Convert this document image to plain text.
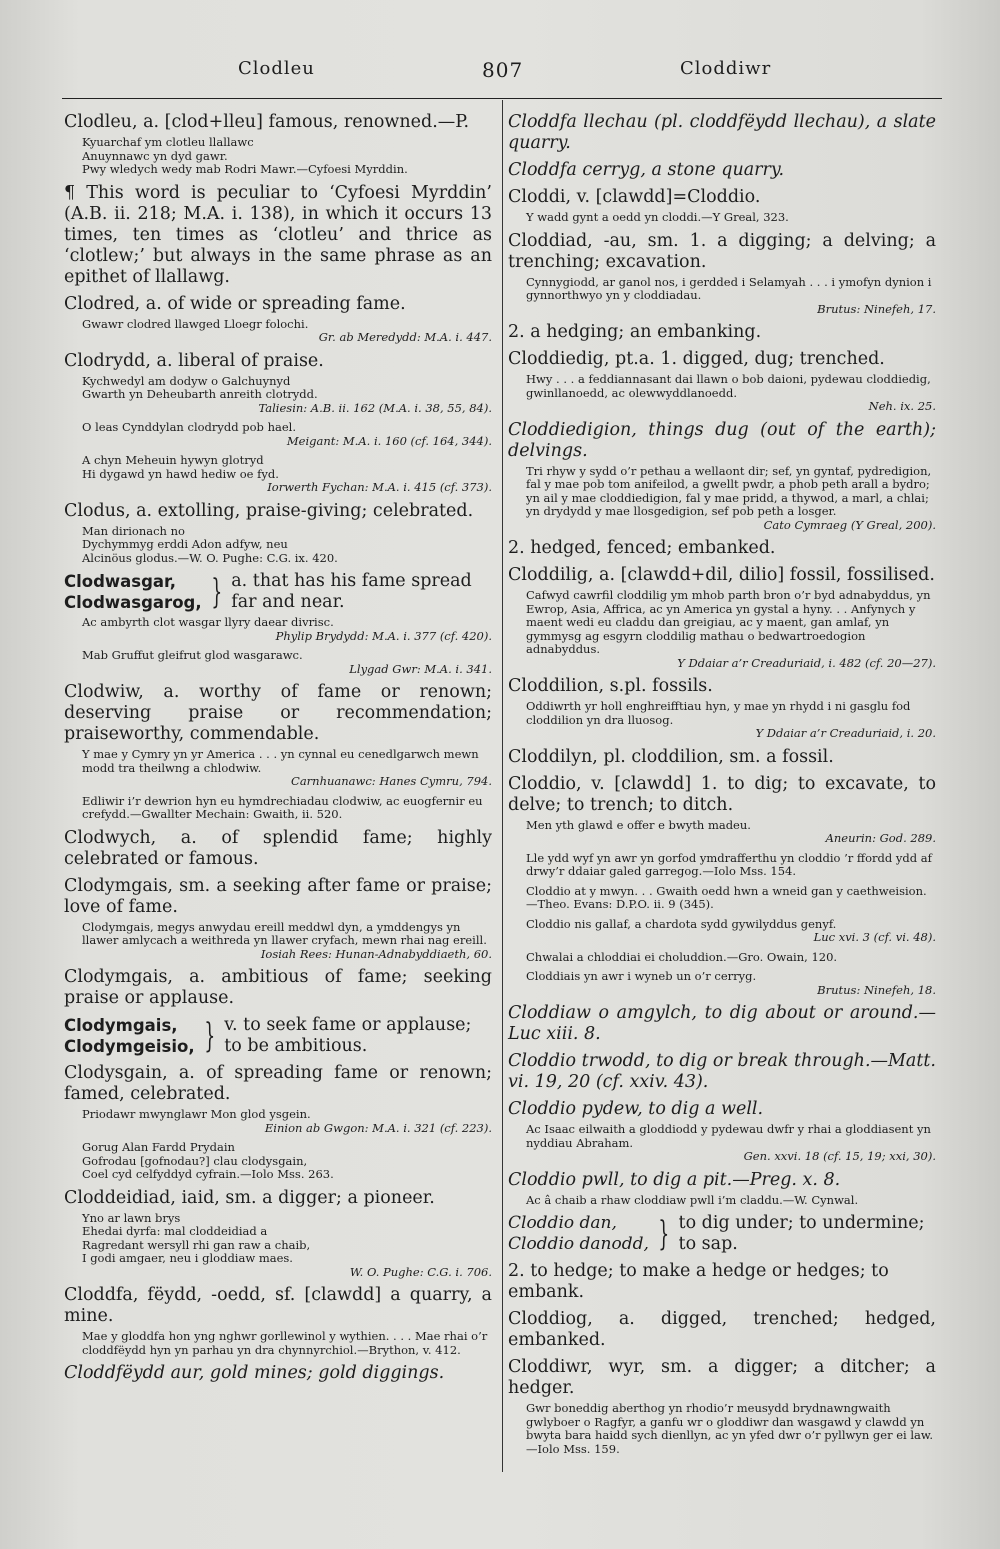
Clodleu	807	Cloddiwr
Clodleu, a. [clod+lleu] famous, renowned.—P.
Kyuarchaf ym clotleu llallawc
Anuynnawc yn dyd gawr.
Pwy wledych wedy mab Rodri Mawr.—Cyfoesi Myrddin.
¶ This word is peculiar to ‘Cyfoesi Myrddin’ (A.B. ii. 218; M.A. i. 138), in which it occurs 13 times, ten times as ‘clotleu’ and thrice as ‘clotlew;’ but always in the same phrase as an epithet of llallawg.
Clodred, a. of wide or spreading fame.
Gwawr clodred llawged Lloegr folochi.
Gr. ab Meredydd: M.A. i. 447.
Clodrydd, a. liberal of praise.
Kychwedyl am dodyw o Galchuynyd
Gwarth yn Deheubarth anreith clotrydd.
Taliesin: A.B. ii. 162 (M.A. i. 38, 55, 84).
O leas Cynddylan clodrydd pob hael.
Meigant: M.A. i. 160 (cf. 164, 344).
A chyn Meheuin hywyn glotryd
Hi dygawd yn hawd hediw oe fyd.
Iorwerth Fychan: M.A. i. 415 (cf. 373).
Clodus, a. extolling, praise-giving; celebrated.
Man dirionach no
Dychymmyg erddi Adon adfyw, neu
Alcinöus glodus.—W. O. Pughe: C.G. ix. 420.
Clodwasgar,
Clodwasgarog, } a. that has his fame spread far and near.
Ac ambyrth clot wasgar llyry daear divrisc.
Phylip Brydydd: M.A. i. 377 (cf. 420).
Mab Gruffut gleifrut glod wasgarawc.
Llygad Gwr: M.A. i. 341.
Clodwiw, a. worthy of fame or renown; deserving praise or recommendation; praiseworthy, commendable.
Y mae y Cymry yn yr America . . . yn cynnal eu cenedlgarwch mewn modd tra theilwng a chlodwiw.
Carnhuanawc: Hanes Cymru, 794.
Edliwir i’r dewrion hyn eu hymdrechiadau clodwiw, ac euogfernir eu crefydd.—Gwallter Mechain: Gwaith, ii. 520.
Clodwych, a. of splendid fame; highly celebrated or famous.
Clodymgais, sm. a seeking after fame or praise; love of fame.
Clodymgais, megys anwydau ereill meddwl dyn, a ymddengys yn llawer amlycach a weithreda yn llawer cryfach, mewn rhai nag ereill.
Iosiah Rees: Hunan-Adnabyddiaeth, 60.
Clodymgais, a. ambitious of fame; seeking praise or applause.
Clodymgais,
Clodymgeisio, } v. to seek fame or applause; to be ambitious.
Clodysgain, a. of spreading fame or renown; famed, celebrated.
Priodawr mwynglawr Mon glod ysgein.
Einion ab Gwgon: M.A. i. 321 (cf. 223).
Gorug Alan Fardd Prydain
Gofrodau [gofnodau?] clau clodysgain,
Coel cyd celfyddyd cyfrain.—Iolo Mss. 263.
Cloddeidiad, iaid, sm. a digger; a pioneer.
Yno ar lawn brys
Ehedai dyrfa: mal cloddeidiad a
Ragredant wersyll rhi gan raw a chaib,
I godi amgaer, neu i gloddiaw maes.
W. O. Pughe: C.G. i. 706.
Cloddfa, fëydd, -oedd, sf. [clawdd] a quarry, a mine.
Mae y gloddfa hon yng nghwr gorllewinol y wythien. . . . Mae rhai o’r cloddfëydd hyn yn parhau yn dra chynnyrchiol.—Brython, v. 412.
Cloddfëydd aur, gold mines; gold diggings.
Cloddfa llechau (pl. cloddfëydd llechau), a slate quarry.
Cloddfa cerryg, a stone quarry.
Cloddi, v. [clawdd]=Cloddio.
Y wadd gynt a oedd yn cloddi.—Y Greal, 323.
Cloddiad, -au, sm. 1. a digging; a delving; a trenching; excavation.
Cynnygiodd, ar ganol nos, i gerdded i Selamyah . . . i ymofyn dynion i gynnorthwyo yn y cloddiadau.
Brutus: Ninefeh, 17.
2. a hedging; an embanking.
Cloddiedig, pt.a. 1. digged, dug; trenched.
Hwy . . . a feddiannasant dai llawn o bob daioni, pydewau cloddiedig, gwinllanoedd, ac olewwyddlanoedd.
Neh. ix. 25.
Cloddiedigion, things dug (out of the earth); delvings.
Tri rhyw y sydd o’r pethau a wellaont dir; sef, yn gyntaf, pydredigion, fal y mae pob tom anifeilod, a gwellt pwdr, a phob peth arall a bydro; yn ail y mae cloddiedigion, fal y mae pridd, a thywod, a marl, a chlai; yn drydydd y mae llosgedigion, sef pob peth a losger.
Cato Cymraeg (Y Greal, 200).
2. hedged, fenced; embanked.
Cloddilig, a. [clawdd+dil, dilio] fossil, fossilised.
Cafwyd cawrfil cloddilig ym mhob parth bron o’r byd adnabyddus, yn Ewrop, Asia, Affrica, ac yn America yn gystal a hyny. . . Anfynych y maent wedi eu claddu dan greigiau, ac y maent, gan amlaf, yn gymmysg ag esgyrn cloddilig mathau o bedwartroedogion adnabyddus.
Y Ddaiar a’r Creaduriaid, i. 482 (cf. 20—27).
Cloddilion, s.pl. fossils.
Oddiwrth yr holl enghreifftiau hyn, y mae yn rhydd i ni gasglu fod cloddilion yn dra lluosog.
Y Ddaiar a’r Creaduriaid, i. 20.
Cloddilyn, pl. cloddilion, sm. a fossil.
Cloddio, v. [clawdd] 1. to dig; to excavate, to delve; to trench; to ditch.
Men yth glawd e offer e bwyth madeu.
Aneurin: God. 289.
Lle ydd wyf yn awr yn gorfod ymdrafferthu yn cloddio ’r ffordd ydd af drwy’r ddaiar galed garregog.—Iolo Mss. 154.
Cloddio at y mwyn. . . Gwaith oedd hwn a wneid gan y caethweision.—Theo. Evans: D.P.O. ii. 9 (345).
Cloddio nis gallaf, a chardota sydd gywilyddus genyf.
Luc xvi. 3 (cf. vi. 48).
Chwalai a chloddiai ei choluddion.—Gro. Owain, 120.
Cloddiais yn awr i wyneb un o’r cerryg.
Brutus: Ninefeh, 18.
Cloddiaw o amgylch, to dig about or around.—Luc xiii. 8.
Cloddio trwodd, to dig or break through.—Matt. vi. 19, 20 (cf. xxiv. 43).
Cloddio pydew, to dig a well.
Ac Isaac eilwaith a gloddiodd y pydewau dwfr y rhai a gloddiasent yn nyddiau Abraham.
Gen. xxvi. 18 (cf. 15, 19; xxi, 30).
Cloddio pwll, to dig a pit.—Preg. x. 8.
Ac â chaib a rhaw cloddiaw pwll i’m claddu.—W. Cynwal.
Cloddio dan,
Cloddio danodd, } to dig under; to undermine; to sap.
2. to hedge; to make a hedge or hedges; to embank.
Cloddiog, a. digged, trenched; hedged, embanked.
Cloddiwr, wyr, sm. a digger; a ditcher; a hedger.
Gwr boneddig aberthog yn rhodio’r meusydd brydnawngwaith gwlyboer o Ragfyr, a ganfu wr o gloddiwr dan wasgawd y clawdd yn bwyta bara haidd sych dienllyn, ac yn yfed dwr o’r pyllwyn ger ei law.—Iolo Mss. 159.
